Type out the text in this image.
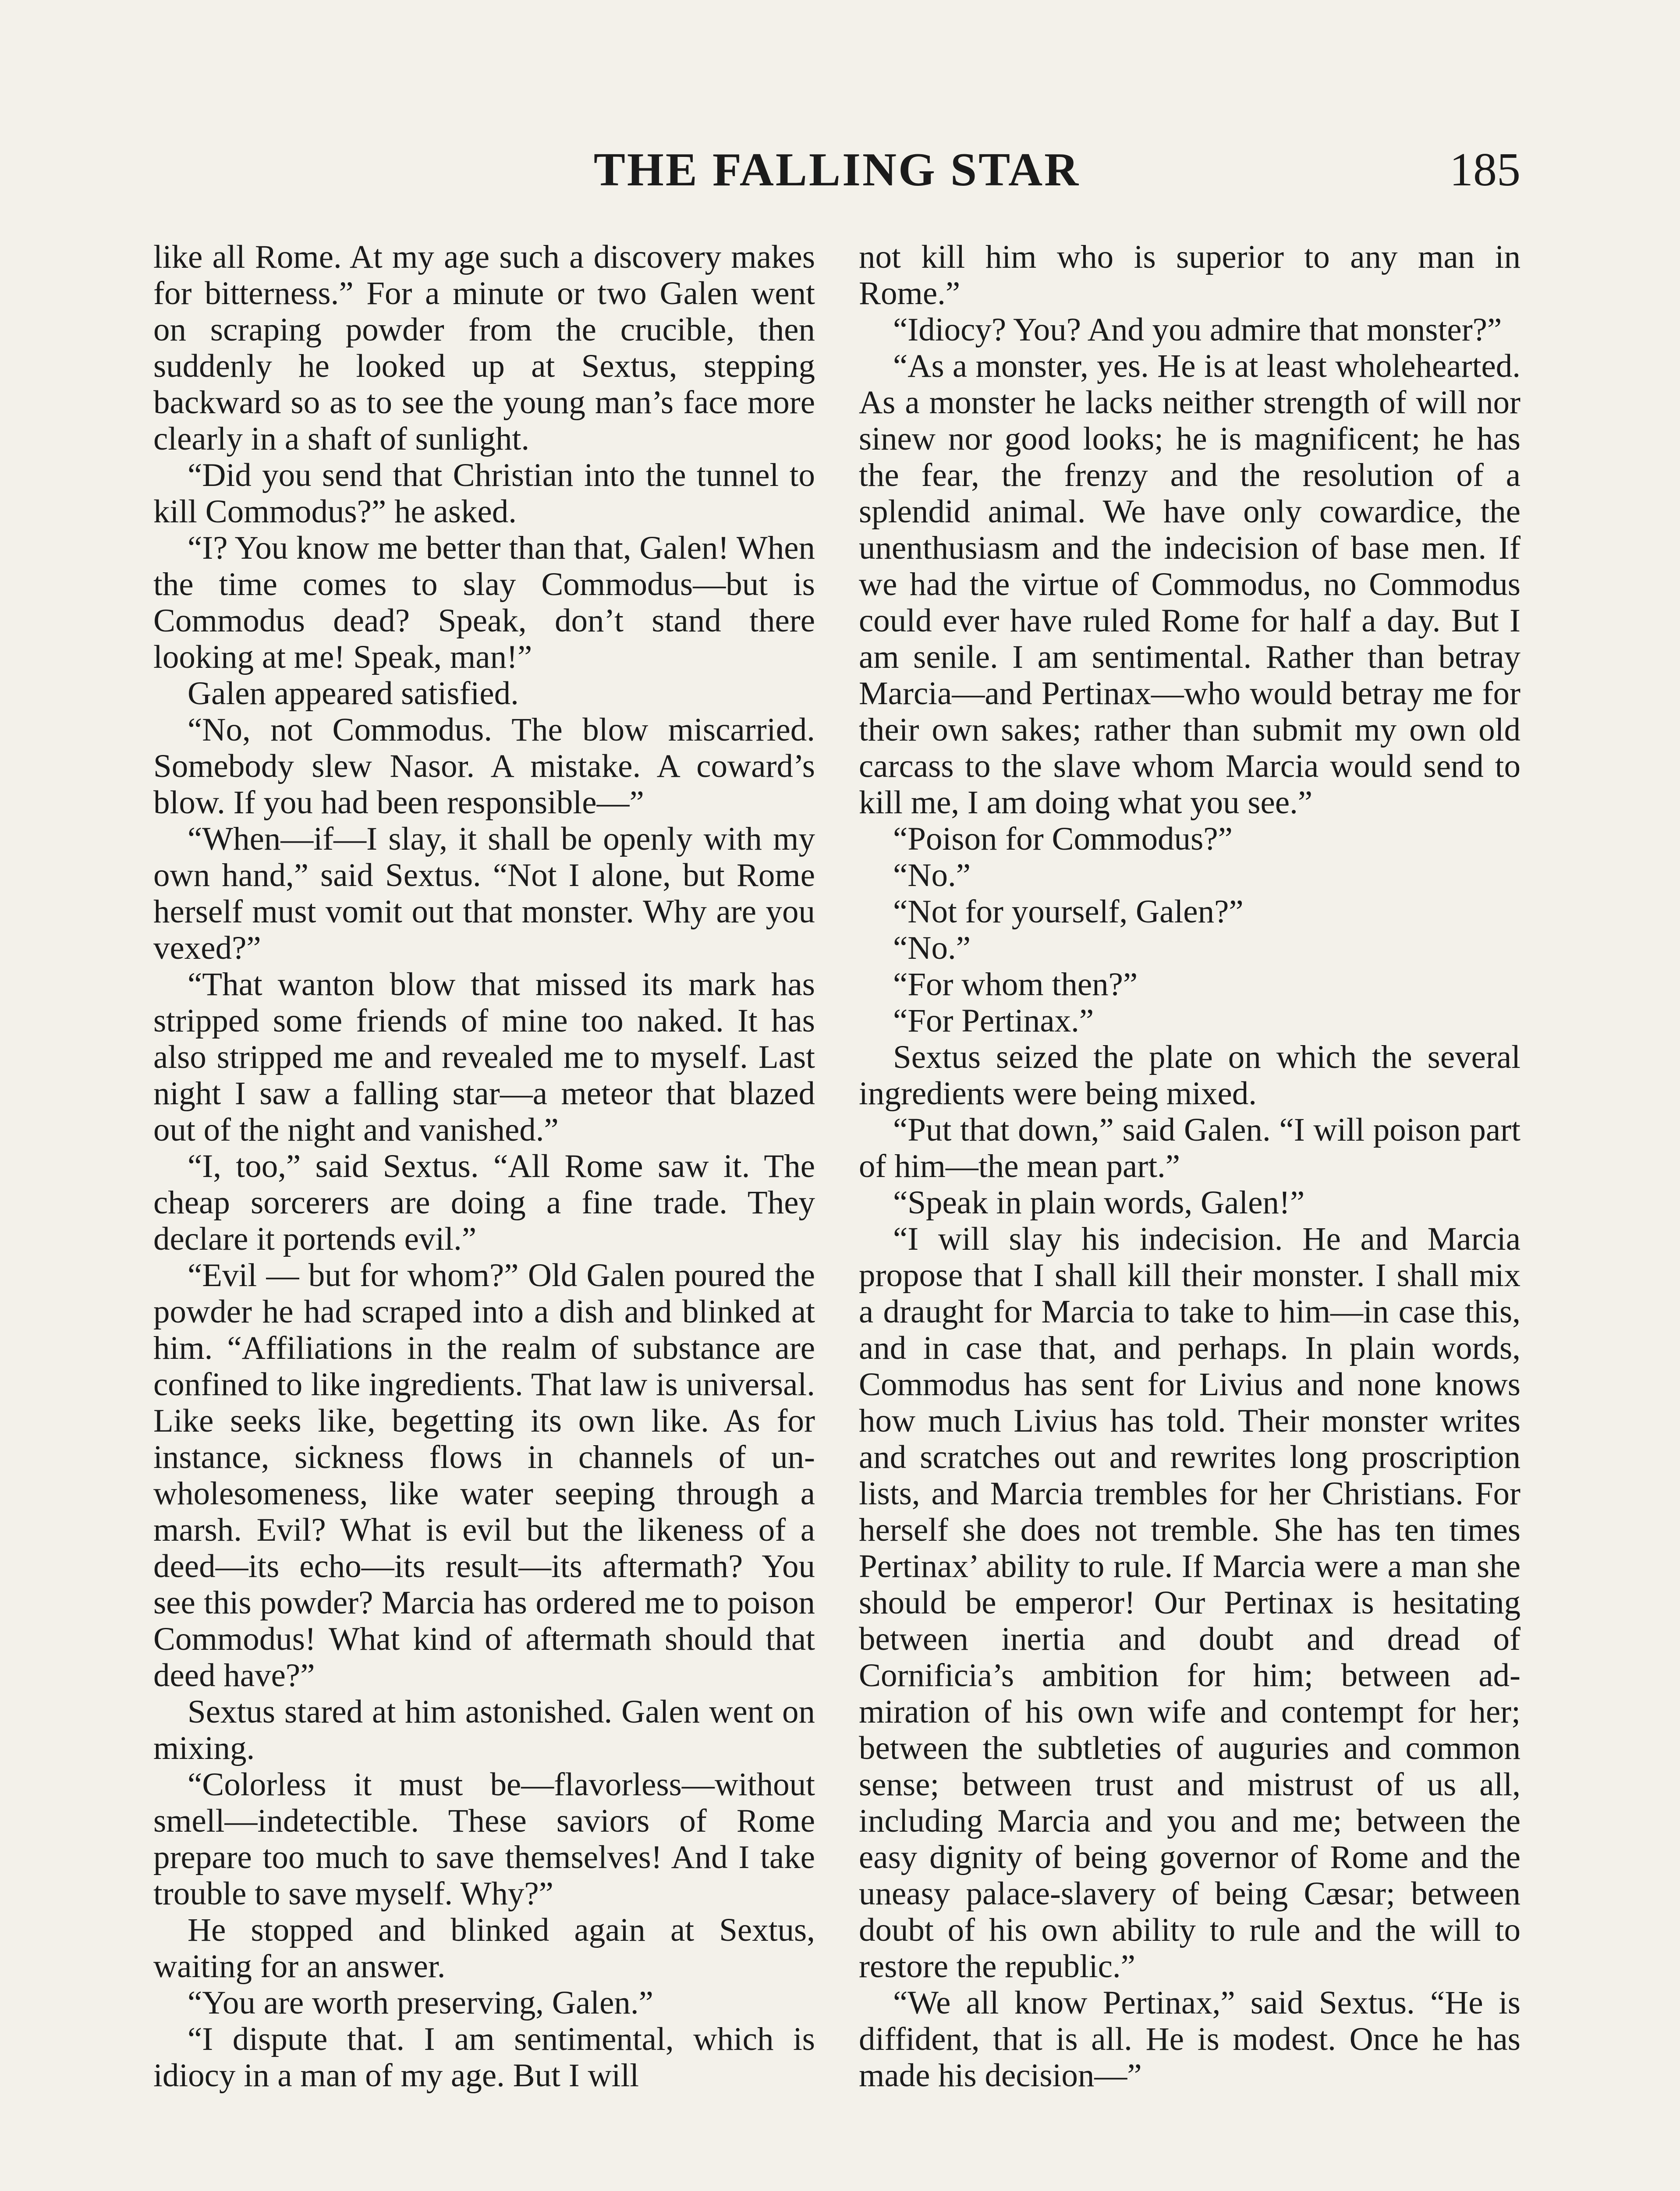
THE FALLING STAR	185

like all Rome. At my age such a discovery makes for bitterness.” For a minute or two Galen went on scraping powder from the crucible, then suddenly he looked up at Sextus, stepping backward so as to see the young man’s face more clearly in a shaft of sunlight.

“Did you send that Christian into the tunnel to kill Commodus?” he asked.

“I? You know me better than that, Galen! When the time comes to slay Commodus—but is Commodus dead? Speak, don’t stand there looking at me! Speak, man!”

Galen appeared satisfied.

“No, not Commodus. The blow miscarried. Somebody slew Nasor. A mistake. A coward’s blow. If you had been responsible—”

“When—if—I slay, it shall be openly with my own hand,” said Sextus. “Not I alone, but Rome herself must vomit out that monster. Why are you vexed?”

“That wanton blow that missed its mark has stripped some friends of mine too naked. It has also stripped me and revealed me to myself. Last night I saw a falling star—a meteor that blazed out of the night and vanished.”

“I, too,” said Sextus. “All Rome saw it. The cheap sorcerers are doing a fine trade. They declare it portends evil.”

“Evil — but for whom?” Old Galen poured the powder he had scraped into a dish and blinked at him. “Affiliations in the realm of substance are confined to like ingredients. That law is universal. Like seeks like, begetting its own like. As for instance, sickness flows in channels of unwholesomeness, like water seeping through a marsh. Evil? What is evil but the likeness of a deed—its echo—its result—its aftermath? You see this powder? Marcia has ordered me to poison Commodus! What kind of aftermath should that deed have?”

Sextus stared at him astonished. Galen went on mixing.

“Colorless it must be—flavorless—without smell—indetectible. These saviors of Rome prepare too much to save themselves! And I take trouble to save myself. Why?”

He stopped and blinked again at Sextus, waiting for an answer.

“You are worth preserving, Galen.”

“I dispute that. I am sentimental, which is idiocy in a man of my age. But I will

not kill him who is superior to any man in Rome.”

“Idiocy? You? And you admire that monster?”

“As a monster, yes. He is at least wholehearted. As a monster he lacks neither strength of will nor sinew nor good looks; he is magnificent; he has the fear, the frenzy and the resolution of a splendid animal. We have only cowardice, the unenthusiasm and the indecision of base men. If we had the virtue of Commodus, no Commodus could ever have ruled Rome for half a day. But I am senile. I am sentimental. Rather than betray Marcia—and Pertinax—who would betray me for their own sakes; rather than submit my own old carcass to the slave whom Marcia would send to kill me, I am doing what you see.”

“Poison for Commodus?”

“No.”

“Not for yourself, Galen?”

“No.”

“For whom then?”

“For Pertinax.”

Sextus seized the plate on which the several ingredients were being mixed.

“Put that down,” said Galen. “I will poison part of him—the mean part.”

“Speak in plain words, Galen!”

“I will slay his indecision. He and Marcia propose that I shall kill their monster. I shall mix a draught for Marcia to take to him—in case this, and in case that, and perhaps. In plain words, Commodus has sent for Livius and none knows how much Livius has told. Their monster writes and scratches out and rewrites long proscription lists, and Marcia trembles for her Christians. For herself she does not tremble. She has ten times Pertinax’ ability to rule. If Marcia were a man she should be emperor! Our Pertinax is hesitating between inertia and doubt and dread of Cornificia’s ambition for him; between admiration of his own wife and contempt for her; between the subtleties of auguries and common sense; between trust and mistrust of us all, including Marcia and you and me; between the easy dignity of being governor of Rome and the uneasy palace-slavery of being Cæsar; between doubt of his own ability to rule and the will to restore the republic.”

“We all know Pertinax,” said Sextus. “He is diffident, that is all. He is modest. Once he has made his decision—”
